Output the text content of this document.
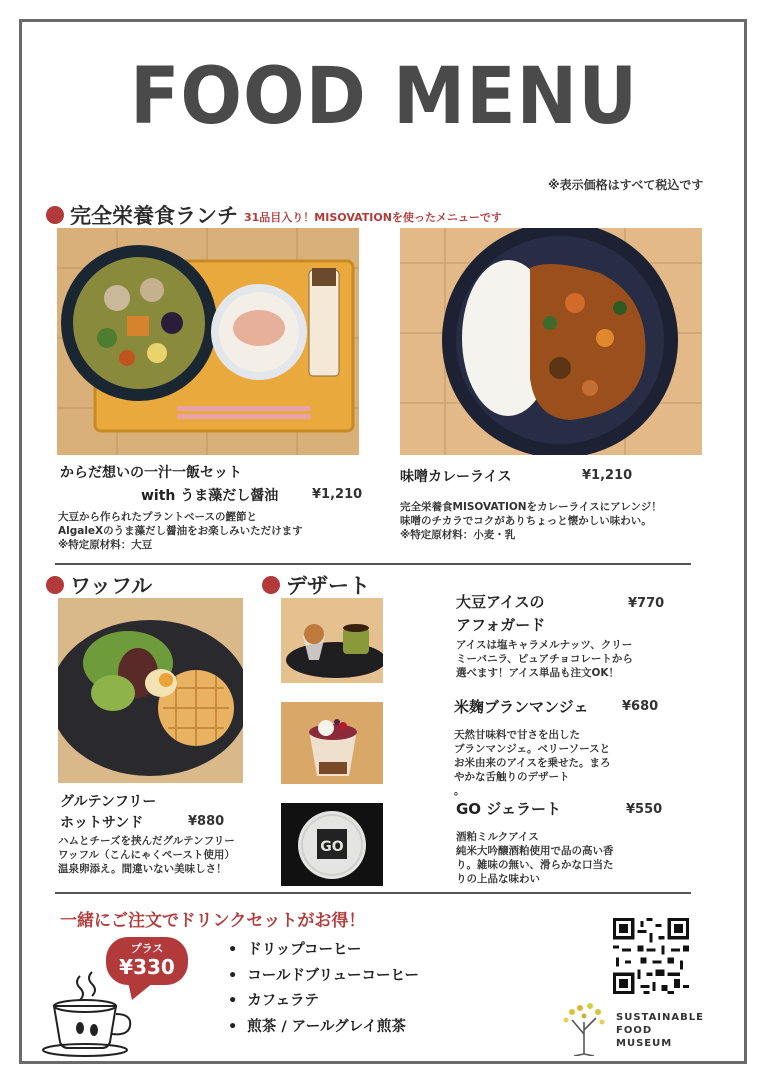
FOOD MENU
※表示価格はすべて税込です
完全栄養食ランチ 31品目入り！MISOVATIONを使ったメニューです
からだ想いの一汁一飯セット
with うま藻だし醤油	¥1,210
大豆から作られたプラントベースの鰹節と
AlgaleXのうま藻だし醤油をお楽しみいただけます
※特定原材料：大豆
味噌カレーライス	¥1,210
完全栄養食MISOVATIONをカレーライスにアレンジ！
味噌のチカラでコクがありちょっと懐かしい味わい。
※特定原材料：小麦・乳
ワッフル
グルテンフリー
ホットサンド	¥880
ハムとチーズを挟んだグルテンフリー
ワッフル（こんにゃくペースト使用）
温泉卵添え。間違いない美味しさ！
デザート
GO
大豆アイスの
アフォガード
¥770
アイスは塩キャラメルナッツ、クリー
ミーバニラ、ピュアチョコレートから
選べます！アイス単品も注文OK！
米麹ブランマンジェ	¥680
天然甘味料で甘さを出した
ブランマンジェ。ベリーソースと
お米由来のアイスを乗せた。まろ
やかな舌触りのデザート
。
GO ジェラート	¥550
酒粕ミルクアイス
純米大吟醸酒粕使用で品の高い香
り。雑味の無い、滑らかな口当た
りの上品な味わい
一緒にご注文でドリンクセットがお得！
プラス
¥330
• ドリップコーヒー
• コールドブリューコーヒー
• カフェラテ
• 煎茶 / アールグレイ煎茶
SUSTAINABLE
FOOD
MUSEUM
